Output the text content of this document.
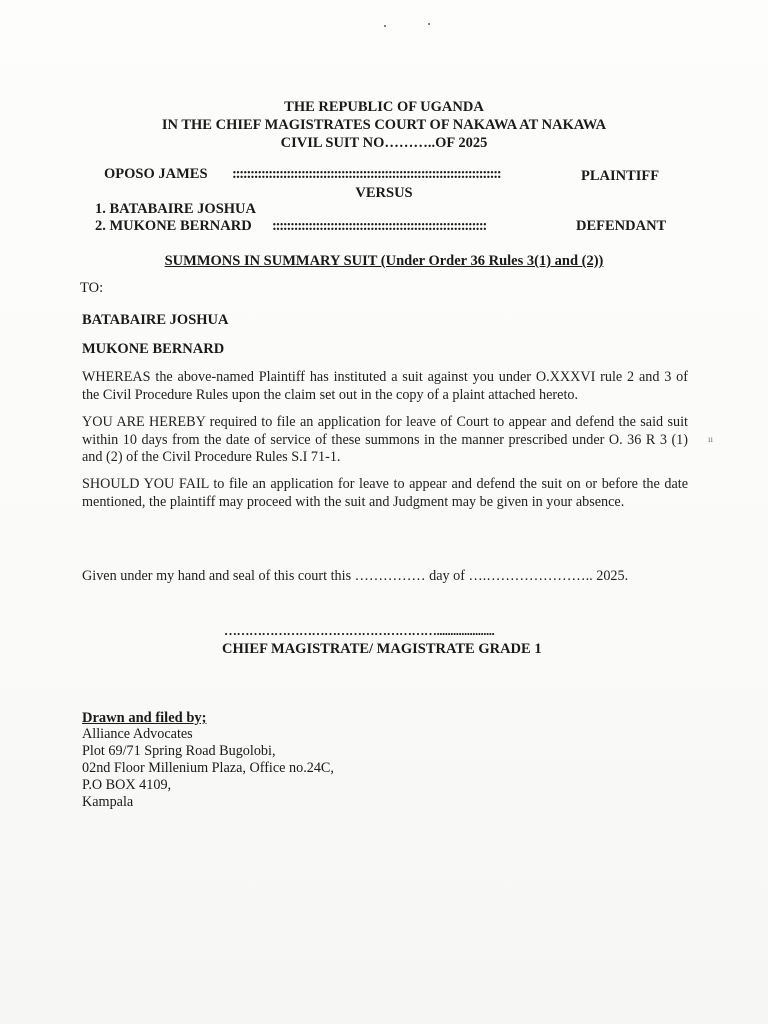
THE REPUBLIC OF UGANDA
IN THE CHIEF MAGISTRATES COURT OF NAKAWA AT NAKAWA
CIVIL SUIT NO………..OF 2025
OPOSO JAMES ::::::::::::::::::::::::::::::::::::::::::::::::::::::::::::::::::::::::::	PLAINTIFF
VERSUS
1. BATABAIRE JOSHUA
2. MUKONE BERNARD :::::::::::::::::::::::::::::::::::::::::::::::::::::::::::	DEFENDANT
SUMMONS IN SUMMARY SUIT (Under Order 36 Rules 3(1) and (2))
TO:
BATABAIRE JOSHUA
MUKONE BERNARD
WHEREAS the above-named Plaintiff has instituted a suit against you under O.XXXVI rule 2 and 3 of the Civil Procedure Rules upon the claim set out in the copy of a plaint attached hereto.
YOU ARE HEREBY required to file an application for leave of Court to appear and defend the said suit within 10 days from the date of service of these summons in the manner prescribed under O. 36 R 3 (1) and (2) of the Civil Procedure Rules S.I 71-1.
SHOULD YOU FAIL to file an application for leave to appear and defend the suit on or before the date mentioned, the plaintiff may proceed with the suit and Judgment may be given in your absence.
ıı
Given under my hand and seal of this court this …………… day of ….………………….. 2025.
…………………………………………….....................
CHIEF MAGISTRATE/ MAGISTRATE GRADE 1
Drawn and filed by;
Alliance Advocates
Plot 69/71 Spring Road Bugolobi,
02nd Floor Millenium Plaza, Office no.24C,
P.O BOX 4109,
Kampala
